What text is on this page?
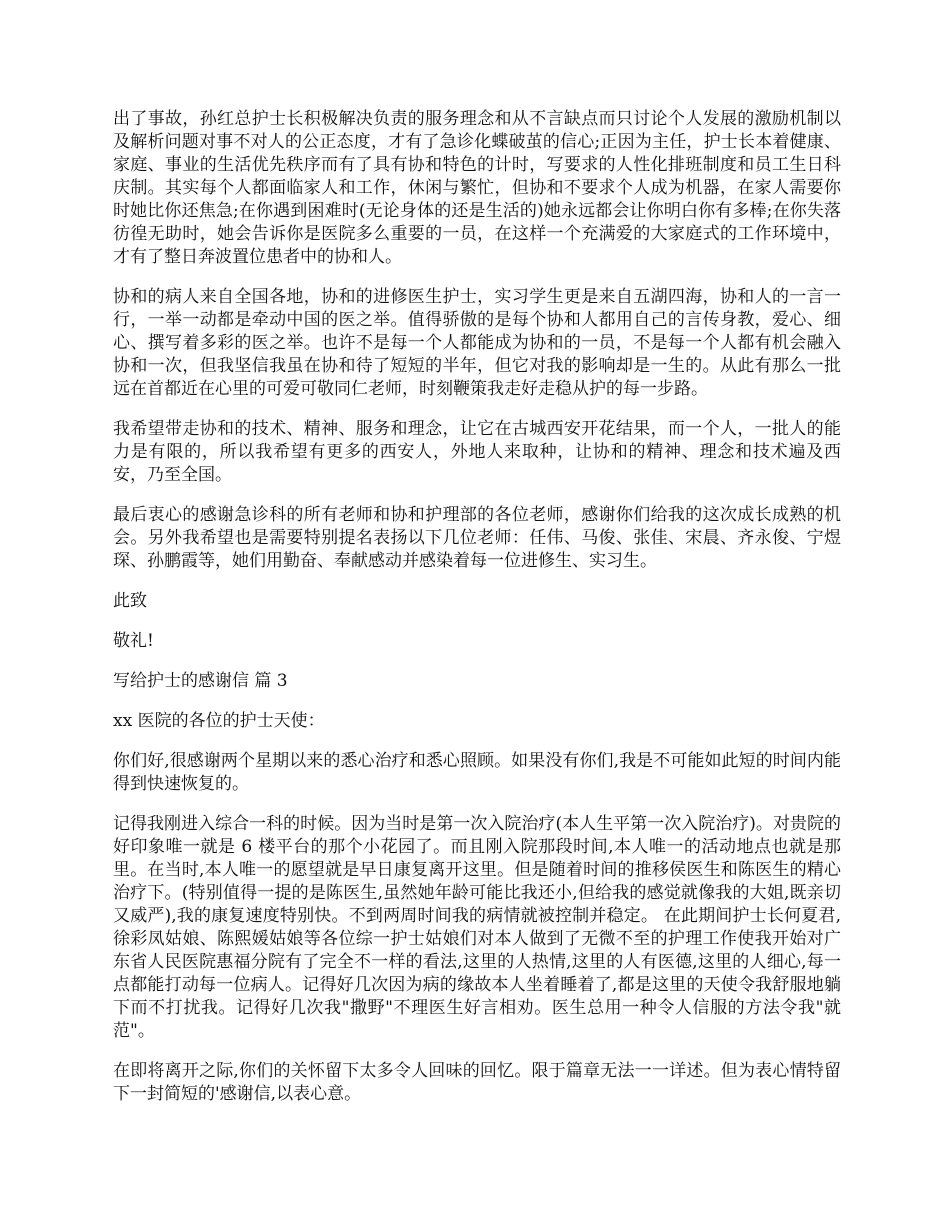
出了事故，孙红总护士长积极解决负责的服务理念和从不言缺点而只讨论个人发展的激励机制以及解析问题对事不对人的公正态度，才有了急诊化蝶破茧的信心;正因为主任，护士长本着健康、家庭、事业的生活优先秩序而有了具有协和特色的计时，写要求的人性化排班制度和员工生日科庆制。其实每个人都面临家人和工作，休闲与繁忙，但协和不要求个人成为机器，在家人需要你时她比你还焦急;在你遇到困难时(无论身体的还是生活的)她永远都会让你明白你有多棒;在你失落彷徨无助时，她会告诉你是医院多么重要的一员，在这样一个充满爱的大家庭式的工作环境中，才有了整日奔波置位患者中的协和人。

协和的病人来自全国各地，协和的进修医生护士，实习学生更是来自五湖四海，协和人的一言一行，一举一动都是牵动中国的医之举。值得骄傲的是每个协和人都用自己的言传身教，爱心、细心、撰写着多彩的医之举。也许不是每一个人都能成为协和的一员，不是每一个人都有机会融入协和一次，但我坚信我虽在协和待了短短的半年，但它对我的影响却是一生的。从此有那么一批远在首都近在心里的可爱可敬同仁老师，时刻鞭策我走好走稳从护的每一步路。

我希望带走协和的技术、精神、服务和理念，让它在古城西安开花结果，而一个人，一批人的能力是有限的，所以我希望有更多的西安人，外地人来取种，让协和的精神、理念和技术遍及西安，乃至全国。

最后衷心的感谢急诊科的所有老师和协和护理部的各位老师，感谢你们给我的这次成长成熟的机会。另外我希望也是需要特别提名表扬以下几位老师：任伟、马俊、张佳、宋晨、齐永俊、宁煜琛、孙鹏霞等，她们用勤奋、奉献感动并感染着每一位进修生、实习生。

此致

敬礼!

写给护士的感谢信 篇 3

xx 医院的各位的护士天使：

你们好,很感谢两个星期以来的悉心治疗和悉心照顾。如果没有你们,我是不可能如此短的时间内能得到快速恢复的。

记得我刚进入综合一科的时候。因为当时是第一次入院治疗(本人生平第一次入院治疗)。对贵院的好印象唯一就是 6 楼平台的那个小花园了。而且刚入院那段时间,本人唯一的活动地点也就是那里。在当时,本人唯一的愿望就是早日康复离开这里。但是随着时间的推移侯医生和陈医生的精心治疗下。(特别值得一提的是陈医生,虽然她年龄可能比我还小,但给我的感觉就像我的大姐,既亲切又威严),我的康复速度特别快。不到两周时间我的病情就被控制并稳定。 在此期间护士长何夏君,徐彩凤姑娘、陈熙媛姑娘等各位综一护士姑娘们对本人做到了无微不至的护理工作使我开始对广东省人民医院惠福分院有了完全不一样的看法,这里的人热情,这里的人有医德,这里的人细心,每一点都能打动每一位病人。记得好几次因为病的缘故本人坐着睡着了,都是这里的天使令我舒服地躺下而不打扰我。记得好几次我"撒野"不理医生好言相劝。医生总用一种令人信服的方法令我"就范"。

在即将离开之际,你们的关怀留下太多令人回味的回忆。限于篇章无法一一详述。但为表心情特留下一封简短的'感谢信,以表心意。
